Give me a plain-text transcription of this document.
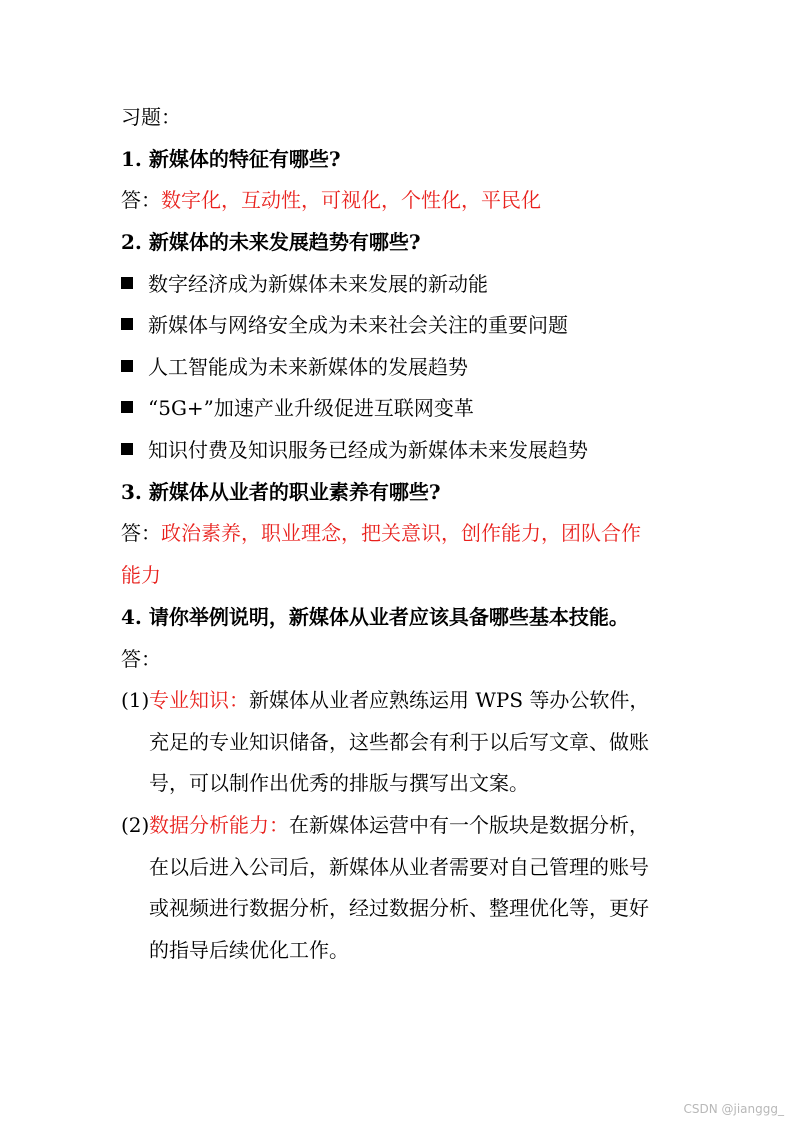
习题：
1. 新媒体的特征有哪些?
答：数字化，互动性，可视化，个性化，平民化
2. 新媒体的未来发展趋势有哪些?
数字经济成为新媒体未来发展的新动能
新媒体与网络安全成为未来社会关注的重要问题
人工智能成为未来新媒体的发展趋势
“5G+”加速产业升级促进互联网变革
知识付费及知识服务已经成为新媒体未来发展趋势
3. 新媒体从业者的职业素养有哪些?
答：政治素养，职业理念，把关意识，创作能力，团队合作
能力
4. 请你举例说明，新媒体从业者应该具备哪些基本技能。
答：
(1)专业知识：新媒体从业者应熟练运用 WPS 等办公软件，
充足的专业知识储备，这些都会有利于以后写文章、做账
号，可以制作出优秀的排版与撰写出文案。
(2)数据分析能力：在新媒体运营中有一个版块是数据分析，
在以后进入公司后，新媒体从业者需要对自己管理的账号
或视频进行数据分析，经过数据分析、整理优化等，更好
的指导后续优化工作。
CSDN @jianggg_
